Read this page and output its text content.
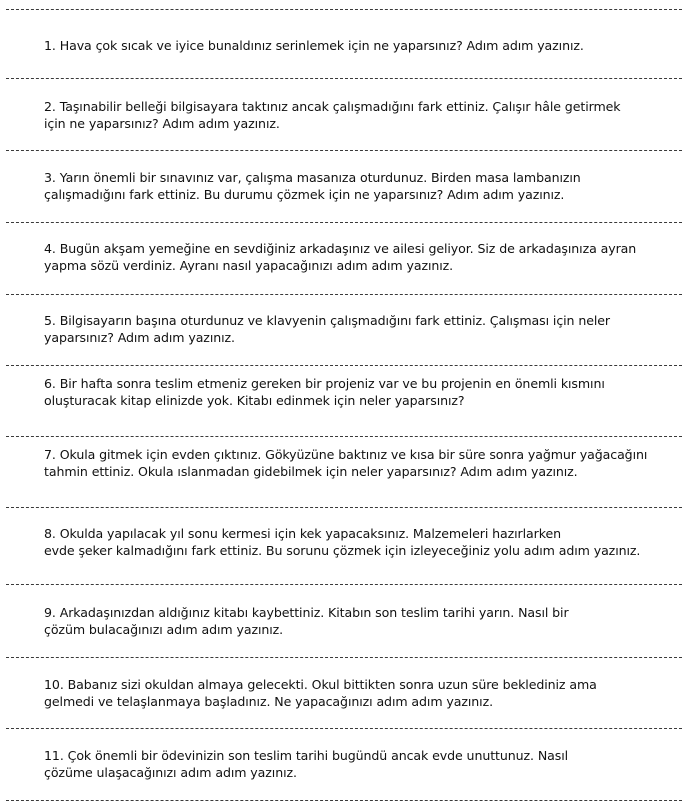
1. Hava çok sıcak ve iyice bunaldınız serinlemek için ne yaparsınız? Adım adım yazınız.
2. Taşınabilir belleği bilgisayara taktınız ancak çalışmadığını fark ettiniz. Çalışır hâle getirmek
için ne yaparsınız? Adım adım yazınız.
3. Yarın önemli bir sınavınız var, çalışma masanıza oturdunuz. Birden masa lambanızın
çalışmadığını fark ettiniz. Bu durumu çözmek için ne yaparsınız? Adım adım yazınız.
4. Bugün akşam yemeğine en sevdiğiniz arkadaşınız ve ailesi geliyor. Siz de arkadaşınıza ayran
yapma sözü verdiniz. Ayranı nasıl yapacağınızı adım adım yazınız.
5. Bilgisayarın başına oturdunuz ve klavyenin çalışmadığını fark ettiniz. Çalışması için neler
yaparsınız? Adım adım yazınız.
6. Bir hafta sonra teslim etmeniz gereken bir projeniz var ve bu projenin en önemli kısmını
oluşturacak kitap elinizde yok. Kitabı edinmek için neler yaparsınız?
7. Okula gitmek için evden çıktınız. Gökyüzüne baktınız ve kısa bir süre sonra yağmur yağacağını
tahmin ettiniz. Okula ıslanmadan gidebilmek için neler yaparsınız? Adım adım yazınız.
8. Okulda yapılacak yıl sonu kermesi için kek yapacaksınız. Malzemeleri hazırlarken
evde şeker kalmadığını fark ettiniz. Bu sorunu çözmek için izleyeceğiniz yolu adım adım yazınız.
9. Arkadaşınızdan aldığınız kitabı kaybettiniz. Kitabın son teslim tarihi yarın. Nasıl bir
çözüm bulacağınızı adım adım yazınız.
10. Babanız sizi okuldan almaya gelecekti. Okul bittikten sonra uzun süre beklediniz ama
gelmedi ve telaşlanmaya başladınız. Ne yapacağınızı adım adım yazınız.
11. Çok önemli bir ödevinizin son teslim tarihi bugündü ancak evde unuttunuz. Nasıl
çözüme ulaşacağınızı adım adım yazınız.
